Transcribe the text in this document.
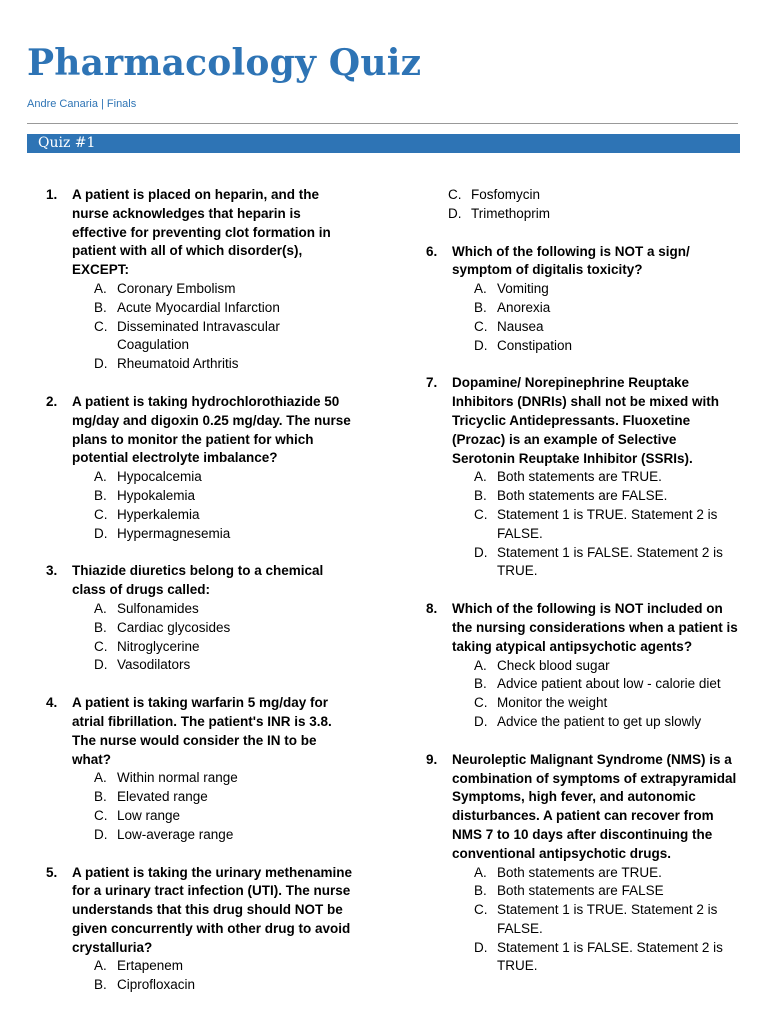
Pharmacology Quiz
Andre Canaria | Finals
Quiz #1
1. A patient is placed on heparin, and the nurse acknowledges that heparin is effective for preventing clot formation in patient with all of which disorder(s), EXCEPT:
A. Coronary Embolism
B. Acute Myocardial Infarction
C. Disseminated Intravascular Coagulation
D. Rheumatoid Arthritis
2. A patient is taking hydrochlorothiazide 50 mg/day and digoxin 0.25 mg/day. The nurse plans to monitor the patient for which potential electrolyte imbalance?
A. Hypocalcemia
B. Hypokalemia
C. Hyperkalemia
D. Hypermagnesemia
3. Thiazide diuretics belong to a chemical class of drugs called:
A. Sulfonamides
B. Cardiac glycosides
C. Nitroglycerine
D. Vasodilators
4. A patient is taking warfarin 5 mg/day for atrial fibrillation. The patient's INR is 3.8. The nurse would consider the IN to be what?
A. Within normal range
B. Elevated range
C. Low range
D. Low-average range
5. A patient is taking the urinary methenamine for a urinary tract infection (UTI). The nurse understands that this drug should NOT be given concurrently with other drug to avoid crystalluria?
A. Ertapenem
B. Ciprofloxacin
C. Fosfomycin
D. Trimethoprim
6. Which of the following is NOT a sign/ symptom of digitalis toxicity?
A. Vomiting
B. Anorexia
C. Nausea
D. Constipation
7. Dopamine/ Norepinephrine Reuptake Inhibitors (DNRIs) shall not be mixed with Tricyclic Antidepressants. Fluoxetine (Prozac) is an example of Selective Serotonin Reuptake Inhibitor (SSRIs).
A. Both statements are TRUE.
B. Both statements are FALSE.
C. Statement 1 is TRUE. Statement 2 is FALSE.
D. Statement 1 is FALSE. Statement 2 is TRUE.
8. Which of the following is NOT included on the nursing considerations when a patient is taking atypical antipsychotic agents?
A. Check blood sugar
B. Advice patient about low - calorie diet
C. Monitor the weight
D. Advice the patient to get up slowly
9. Neuroleptic Malignant Syndrome (NMS) is a combination of symptoms of extrapyramidal Symptoms, high fever, and autonomic disturbances. A patient can recover from NMS 7 to 10 days after discontinuing the conventional antipsychotic drugs.
A. Both statements are TRUE.
B. Both statements are FALSE
C. Statement 1 is TRUE. Statement 2 is FALSE.
D. Statement 1 is FALSE. Statement 2 is TRUE.
